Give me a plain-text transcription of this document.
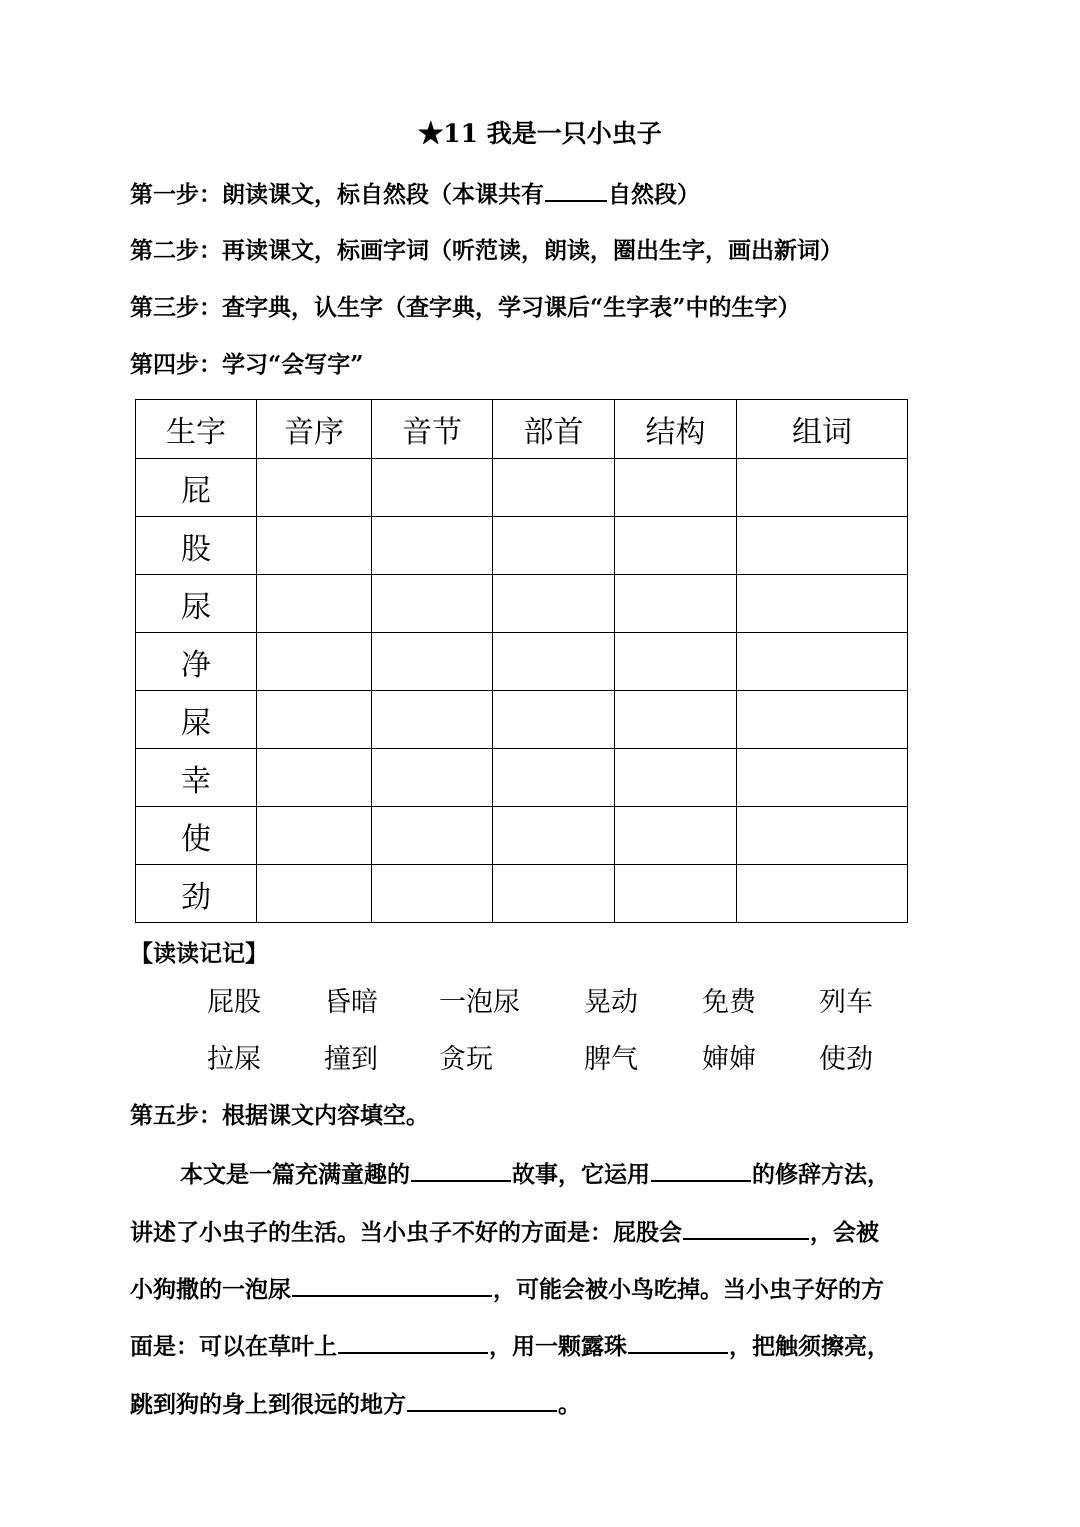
★11 我是一只小虫子
第一步：朗读课文，标自然段（本课共有	自然段）
第二步：再读课文，标画字词（听范读，朗读，圈出生字，画出新词）
第三步：查字典，认生字（查字典，学习课后“生字表”中的生字）
第四步：学习“会写字”
生字	音序	音节	部首	结构	组词
屁					
股					
尿					
净					
屎					
幸					
使					
劲					
【读读记记】
屁股 昏暗 一泡尿 晃动 免费 列车
拉屎 撞到 贪玩	脾气 婶婶 使劲
第五步：根据课文内容填空。
本文是一篇充满童趣的	故事，它运用	的修辞方法，
讲述了小虫子的生活。当小虫子不好的方面是：屁股会	，会被
小狗撒的一泡尿	，可能会被小鸟吃掉。当小虫子好的方
面是：可以在草叶上	，用一颗露珠	，把触须擦亮，
跳到狗的身上到很远的地方	。
